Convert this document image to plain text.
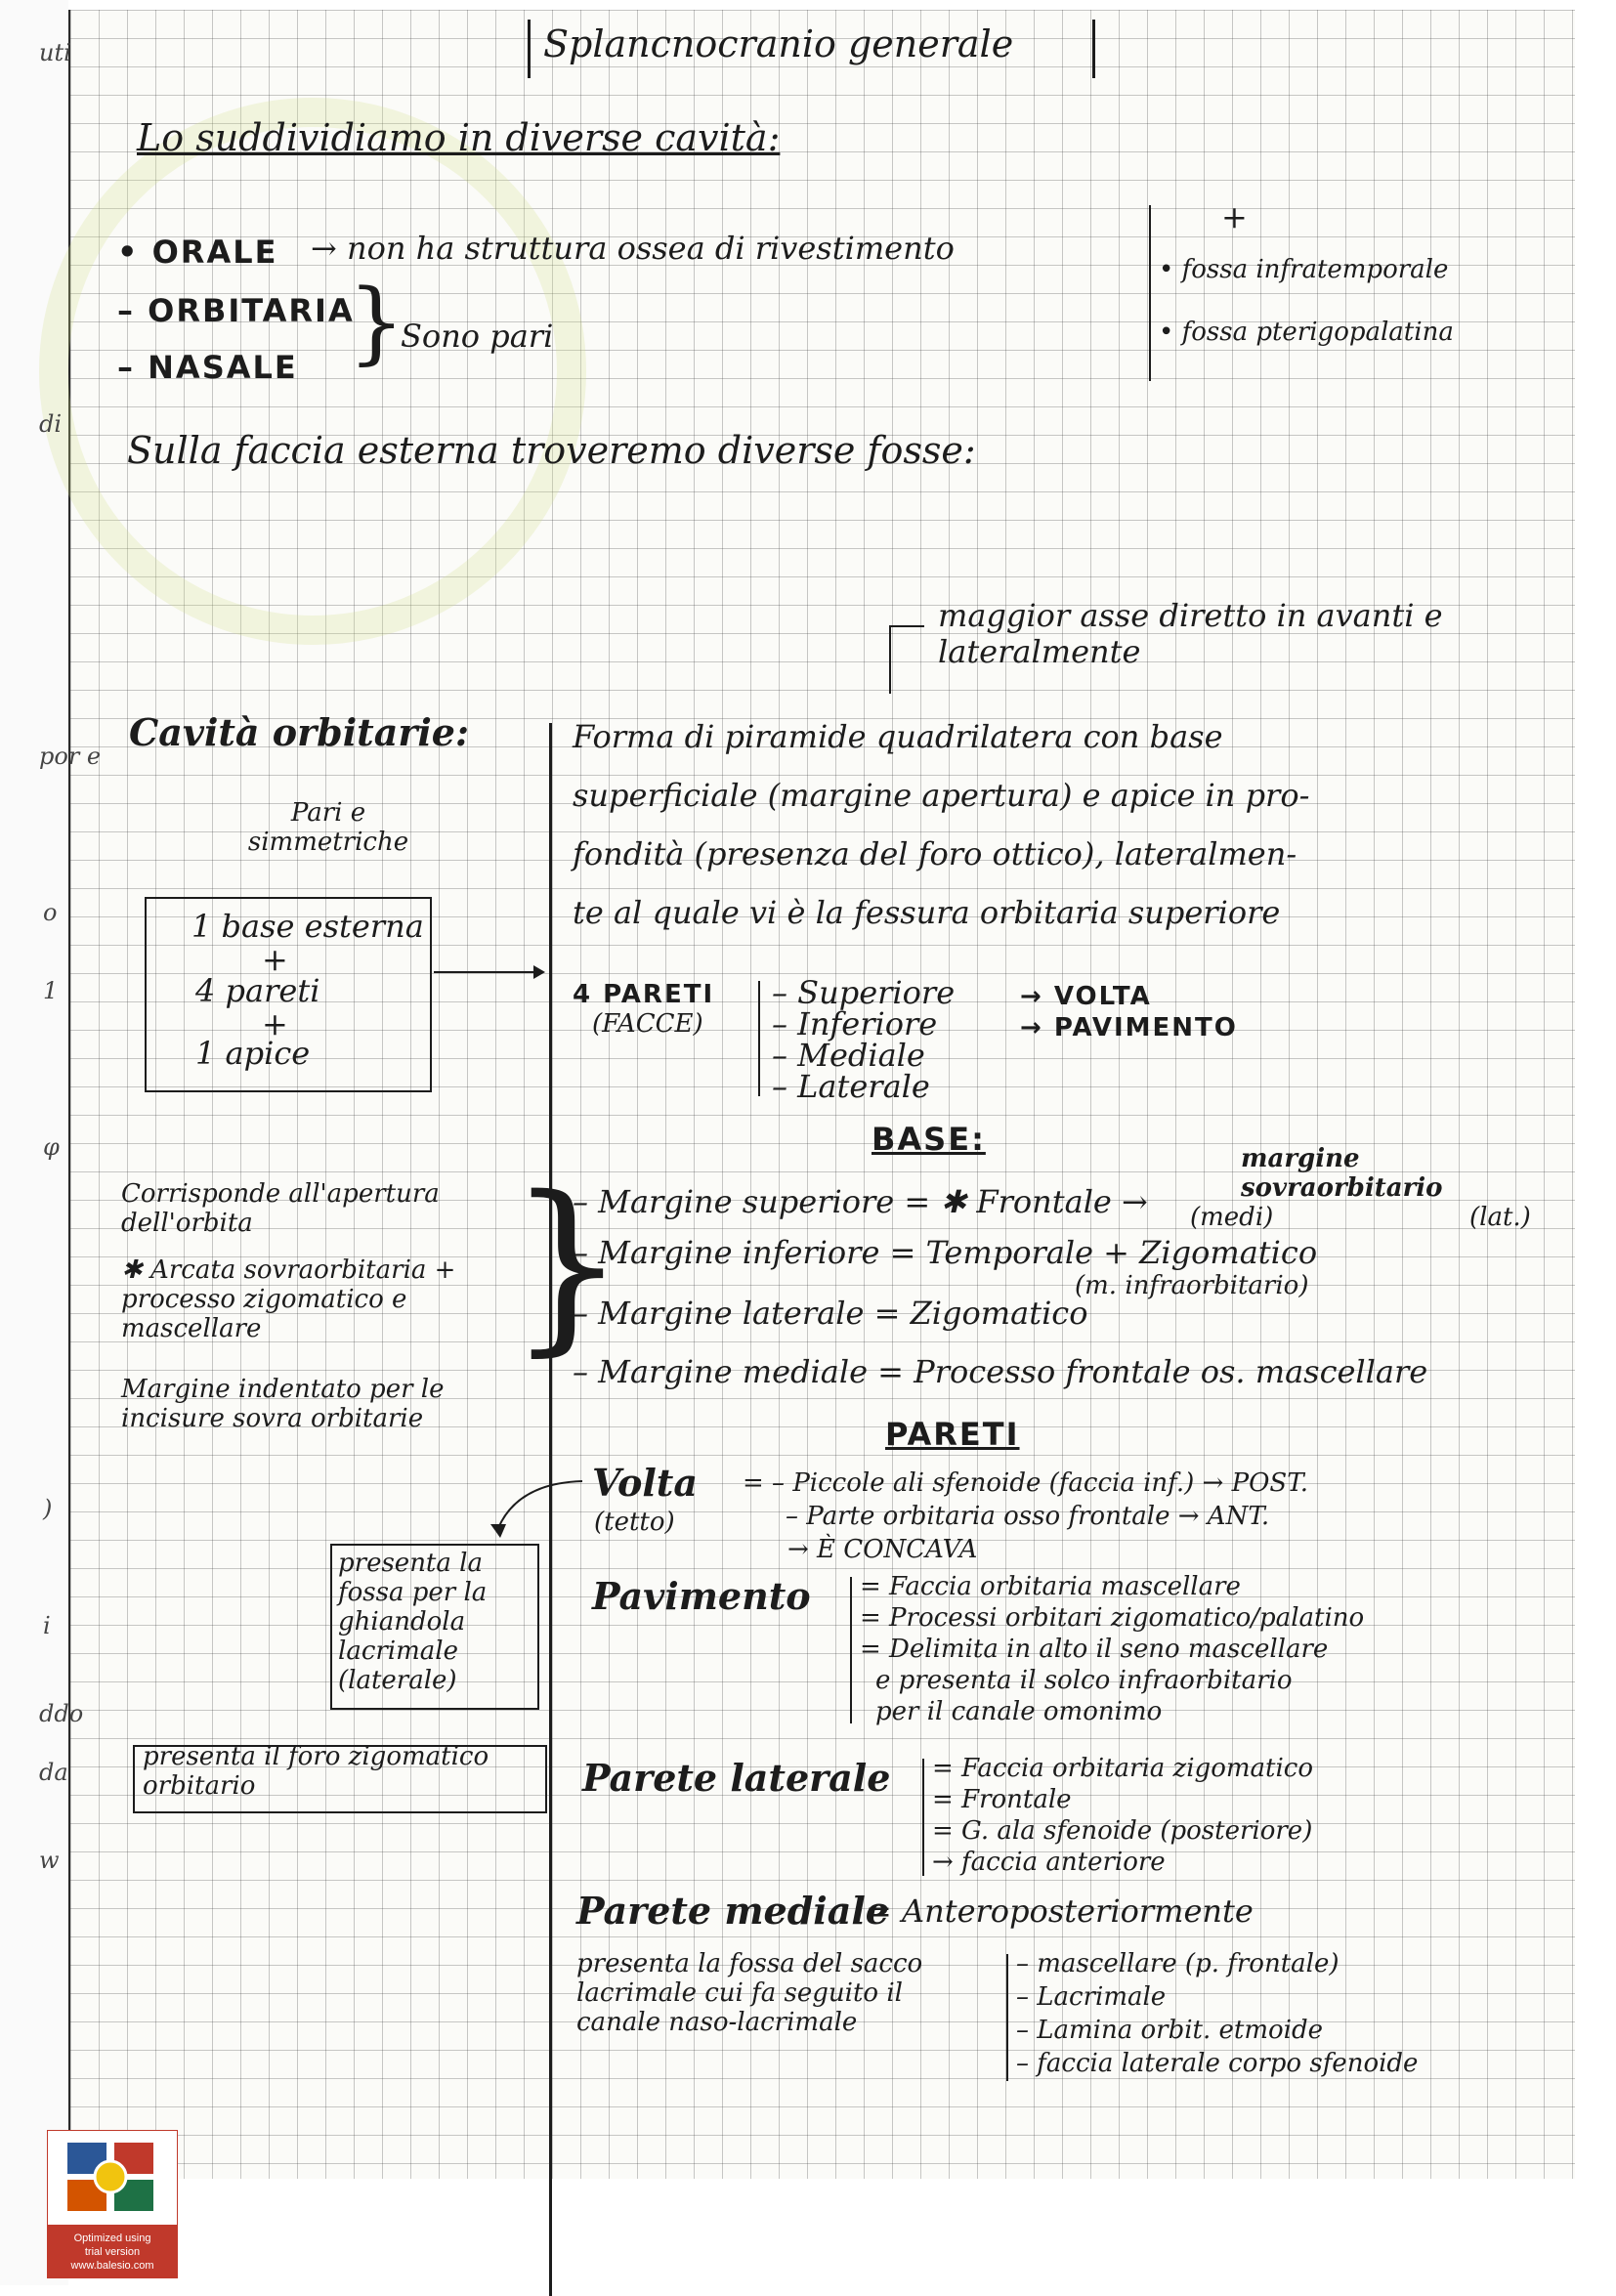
uti
di
por e
o
1
φ
)
i
ddo
da
w
Splancnocranio generale
Lo suddividiamo in diverse cavità:
• ORALE → non ha struttura ossea di rivestimento
– ORBITARIA
– NASALE }
Sono pari
+
• fossa infratemporale
• fossa pterigopalatina
Sulla faccia esterna troveremo diverse fosse:
maggior asse diretto in avanti e lateralmente
Cavità orbitarie:	Forma di piramide quadrilatera con base
superficiale (margine apertura) e apice in pro-
fondità (presenza del foro ottico), lateralmen-
te al quale vi è la fessura orbitaria superiore
Pari e simmetriche
1 base esterna
+
4 pareti
+
1 apice
4 PARETI
(FACCE)
– Superiore
– Inferiore
– Mediale
– Laterale
→ VOLTA
→ PAVIMENTO
BASE:
Corrisponde all'apertura dell'orbita
✱ Arcata sovraorbitaria + processo zigomatico e mascellare
Margine indentato per le incisure sovra orbitarie
}
– Margine superiore = ✱ Frontale →
margine sovraorbitario
(medi)	(lat.)
– Margine inferiore = Temporale + Zigomatico
(m. infraorbitario)
– Margine laterale = Zigomatico
– Margine mediale = Processo frontale os. mascellare
PARETI
Volta
(tetto)
= – Piccole ali sfenoide (faccia inf.) → POST.
– Parte orbitaria osso frontale → ANT.
→ È CONCAVA
presenta la fossa per la ghiandola lacrimale (laterale)
Pavimento = Faccia orbitaria mascellare
= Processi orbitari zigomatico/palatino
= Delimita in alto il seno mascellare
e presenta il solco infraorbitario
per il canale omonimo
presenta il foro zigomatico orbitario	Parete laterale = Faccia orbitaria zigomatico
= Frontale
= G. ala sfenoide (posteriore)
→ faccia anteriore
Parete mediale
= Anteroposteriormente
presenta la fossa del sacco lacrimale cui fa seguito il canale naso-lacrimale
– mascellare (p. frontale)
– Lacrimale
– Lamina orbit. etmoide
– faccia laterale corpo sfenoide
Optimized using
trial version
www.balesio.com
